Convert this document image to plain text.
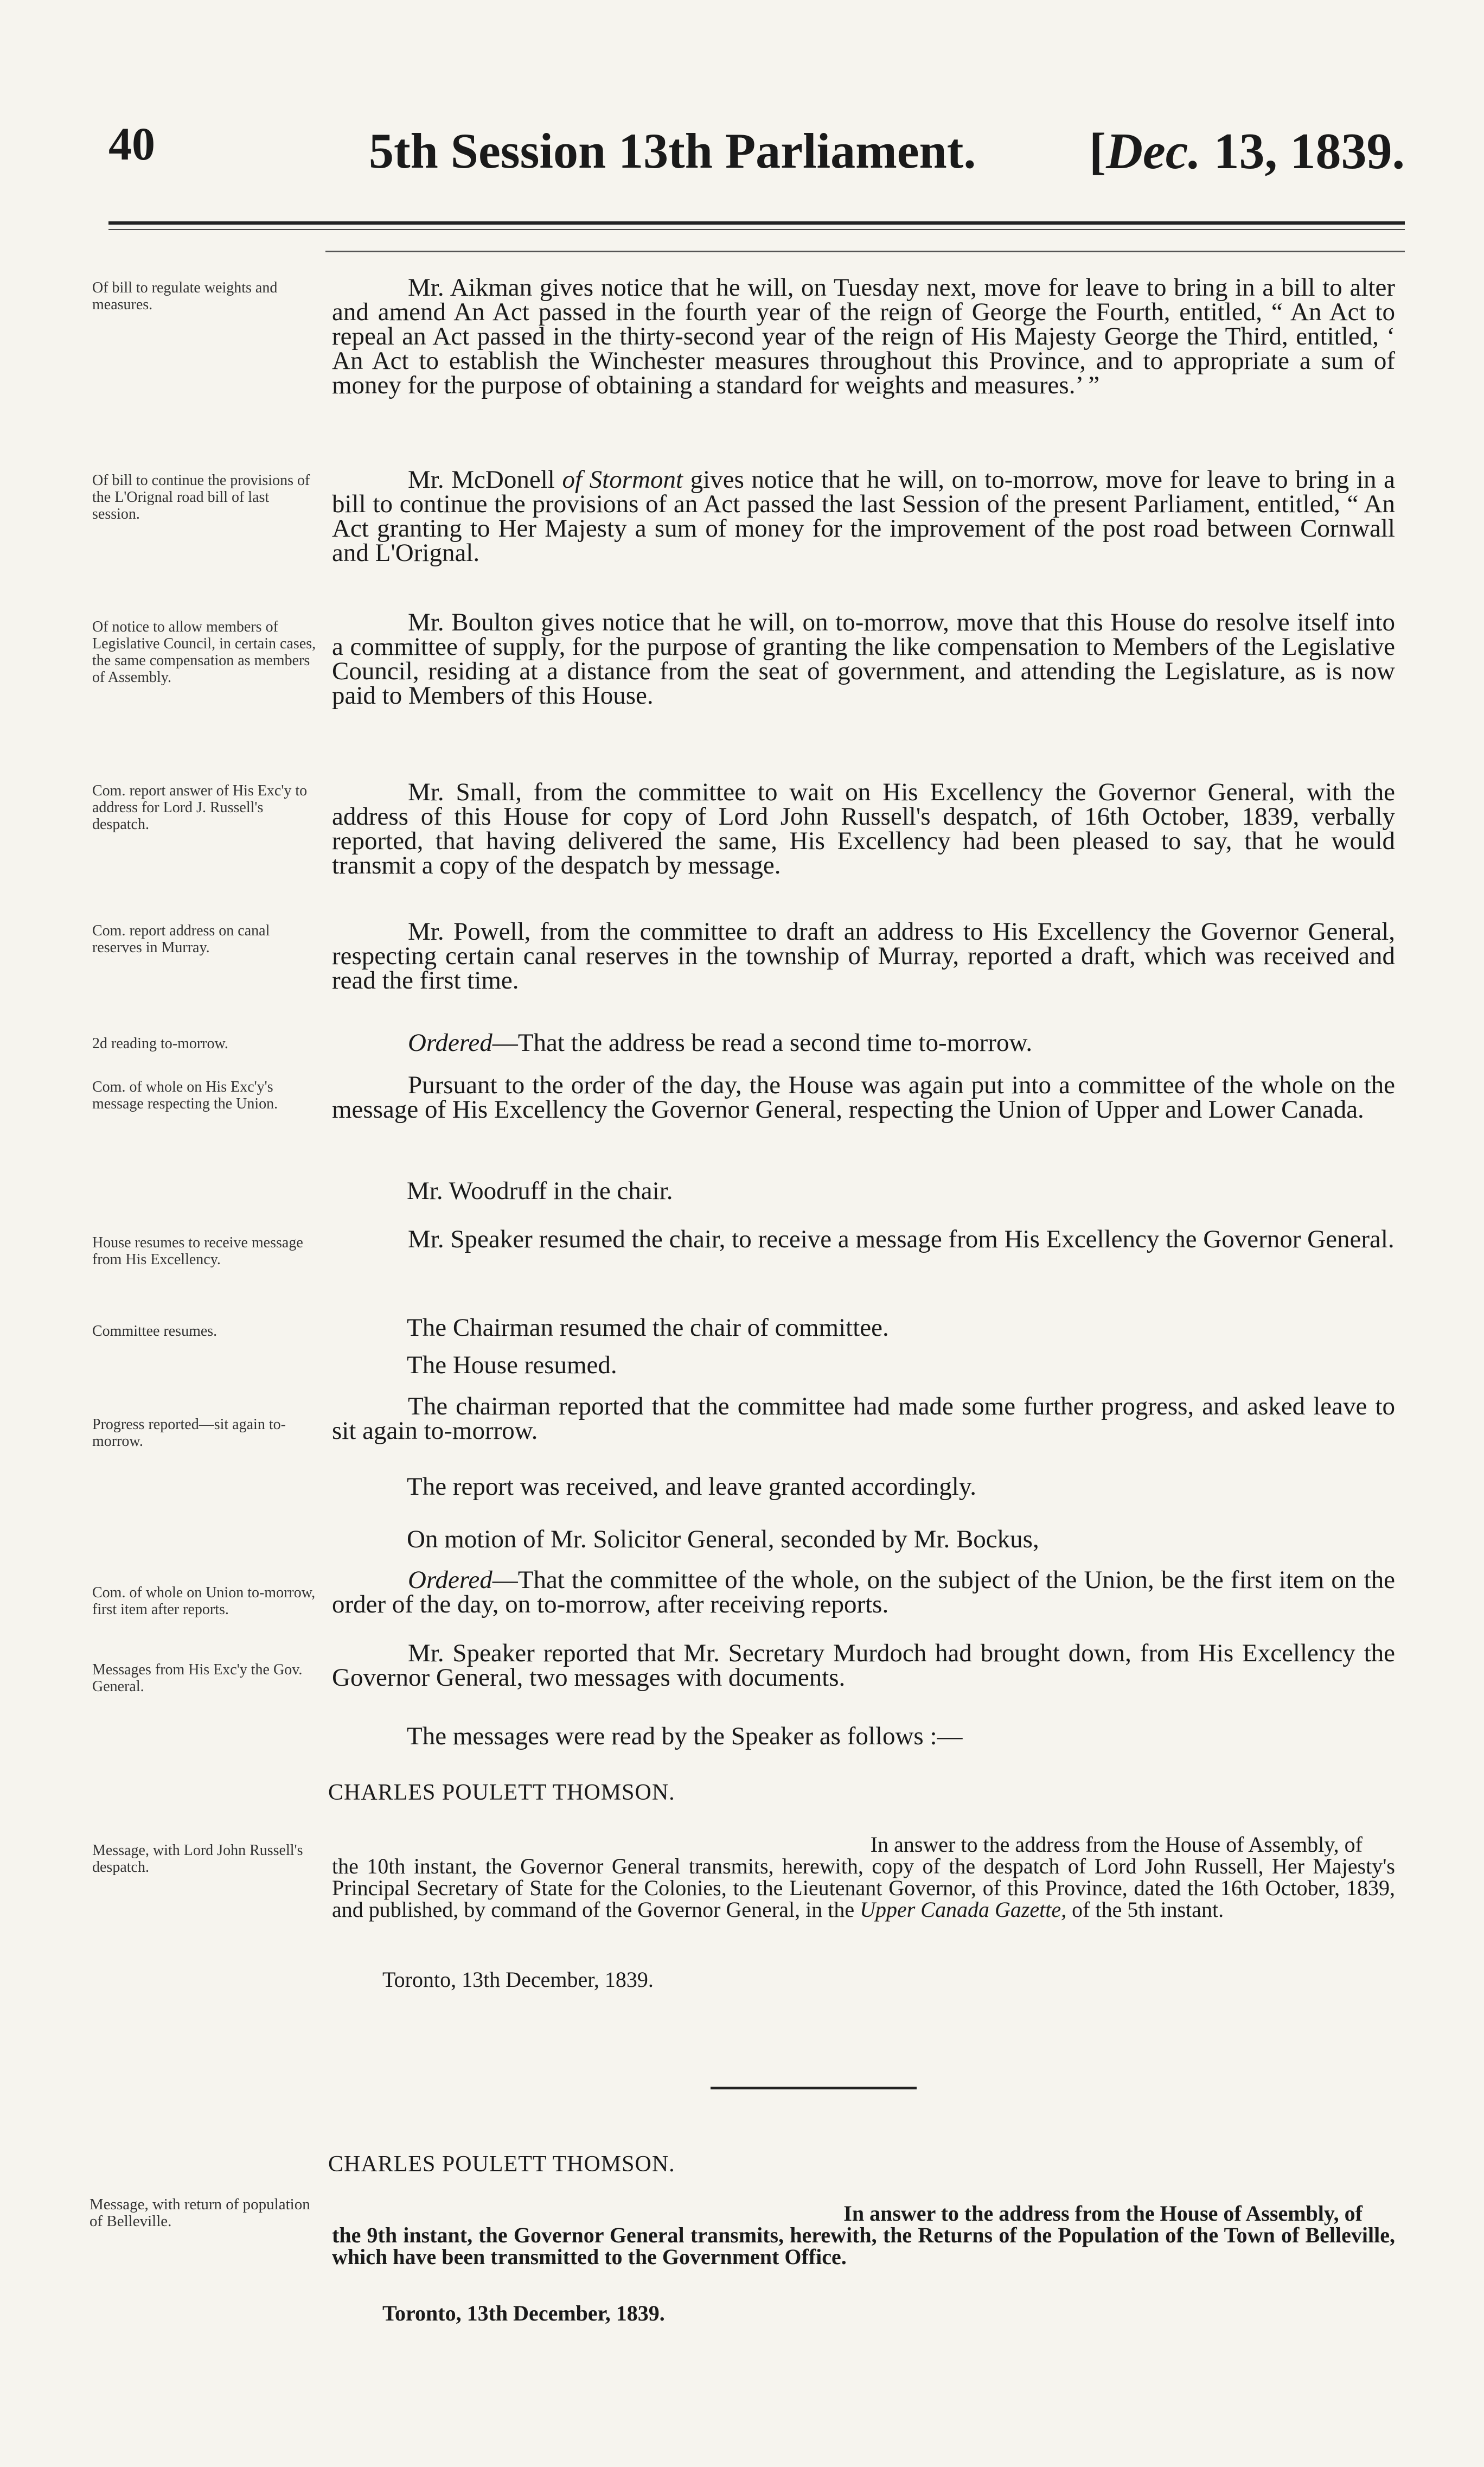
40	5th Session 13th Parliament. [Dec. 13, 1839.
Of bill to regulate weights and measures.
Of bill to continue the provisions of the L'Orignal road bill of last session.
Of notice to allow members of Legislative Council, in certain cases, the same compensation as members of Assembly.
Com. report answer of His Exc'y to address for Lord J. Russell's despatch.
Com. report address on canal reserves in Murray.
2d reading to-morrow.
Com. of whole on His Exc'y's message respecting the Union.
House resumes to receive message from His Excellency.
Committee resumes.
Progress reported—sit again to-morrow.
Com. of whole on Union to-morrow, first item after reports.
Messages from His Exc'y the Gov. General.
Message, with Lord John Russell's despatch.
Message, with return of population of Belleville.
Mr. Aikman gives notice that he will, on Tuesday next, move for leave to bring in a bill to alter and amend An Act passed in the fourth year of the reign of George the Fourth, entitled, “ An Act to repeal an Act passed in the thirty-second year of the reign of His Majesty George the Third, entitled, ‘ An Act to establish the Winchester measures throughout this Province, and to appropriate a sum of money for the purpose of obtaining a standard for weights and measures.’ ”
Mr. McDonell of Stormont gives notice that he will, on to-morrow, move for leave to bring in a bill to continue the provisions of an Act passed the last Session of the present Parliament, entitled, “ An Act granting to Her Majesty a sum of money for the improvement of the post road between Cornwall and L'Orignal.
Mr. Boulton gives notice that he will, on to-morrow, move that this House do resolve itself into a committee of supply, for the purpose of granting the like compensation to Members of the Legislative Council, residing at a distance from the seat of government, and attending the Legislature, as is now paid to Members of this House.
Mr. Small, from the committee to wait on His Excellency the Governor General, with the address of this House for copy of Lord John Russell's despatch, of 16th October, 1839, verbally reported, that having delivered the same, His Excellency had been pleased to say, that he would transmit a copy of the despatch by message.
Mr. Powell, from the committee to draft an address to His Excellency the Governor General, respecting certain canal reserves in the township of Murray, reported a draft, which was received and read the first time.
Ordered—That the address be read a second time to-morrow.
Pursuant to the order of the day, the House was again put into a committee of the whole on the message of His Excellency the Governor General, respecting the Union of Upper and Lower Canada.
Mr. Woodruff in the chair.
Mr. Speaker resumed the chair, to receive a message from His Excellency the Governor General.
The Chairman resumed the chair of committee.
The House resumed.
The chairman reported that the committee had made some further progress, and asked leave to sit again to-morrow.
The report was received, and leave granted accordingly.
On motion of Mr. Solicitor General, seconded by Mr. Bockus,
Ordered—That the committee of the whole, on the subject of the Union, be the first item on the order of the day, on to-morrow, after receiving reports.
Mr. Speaker reported that Mr. Secretary Murdoch had brought down, from His Excellency the Governor General, two messages with documents.
The messages were read by the Speaker as follows :—
CHARLES POULETT THOMSON.
In answer to the address from the House of Assembly, of
the 10th instant, the Governor General transmits, herewith, copy of the despatch of Lord John Russell, Her Majesty's Principal Secretary of State for the Colonies, to the Lieutenant Governor, of this Province, dated the 16th October, 1839, and published, by command of the Governor General, in the Upper Canada Gazette, of the 5th instant.
Toronto, 13th December, 1839.
CHARLES POULETT THOMSON.
In answer to the address from the House of Assembly, of
the 9th instant, the Governor General transmits, herewith, the Returns of the Population of the Town of Belleville, which have been transmitted to the Government Office.
Toronto, 13th December, 1839.
